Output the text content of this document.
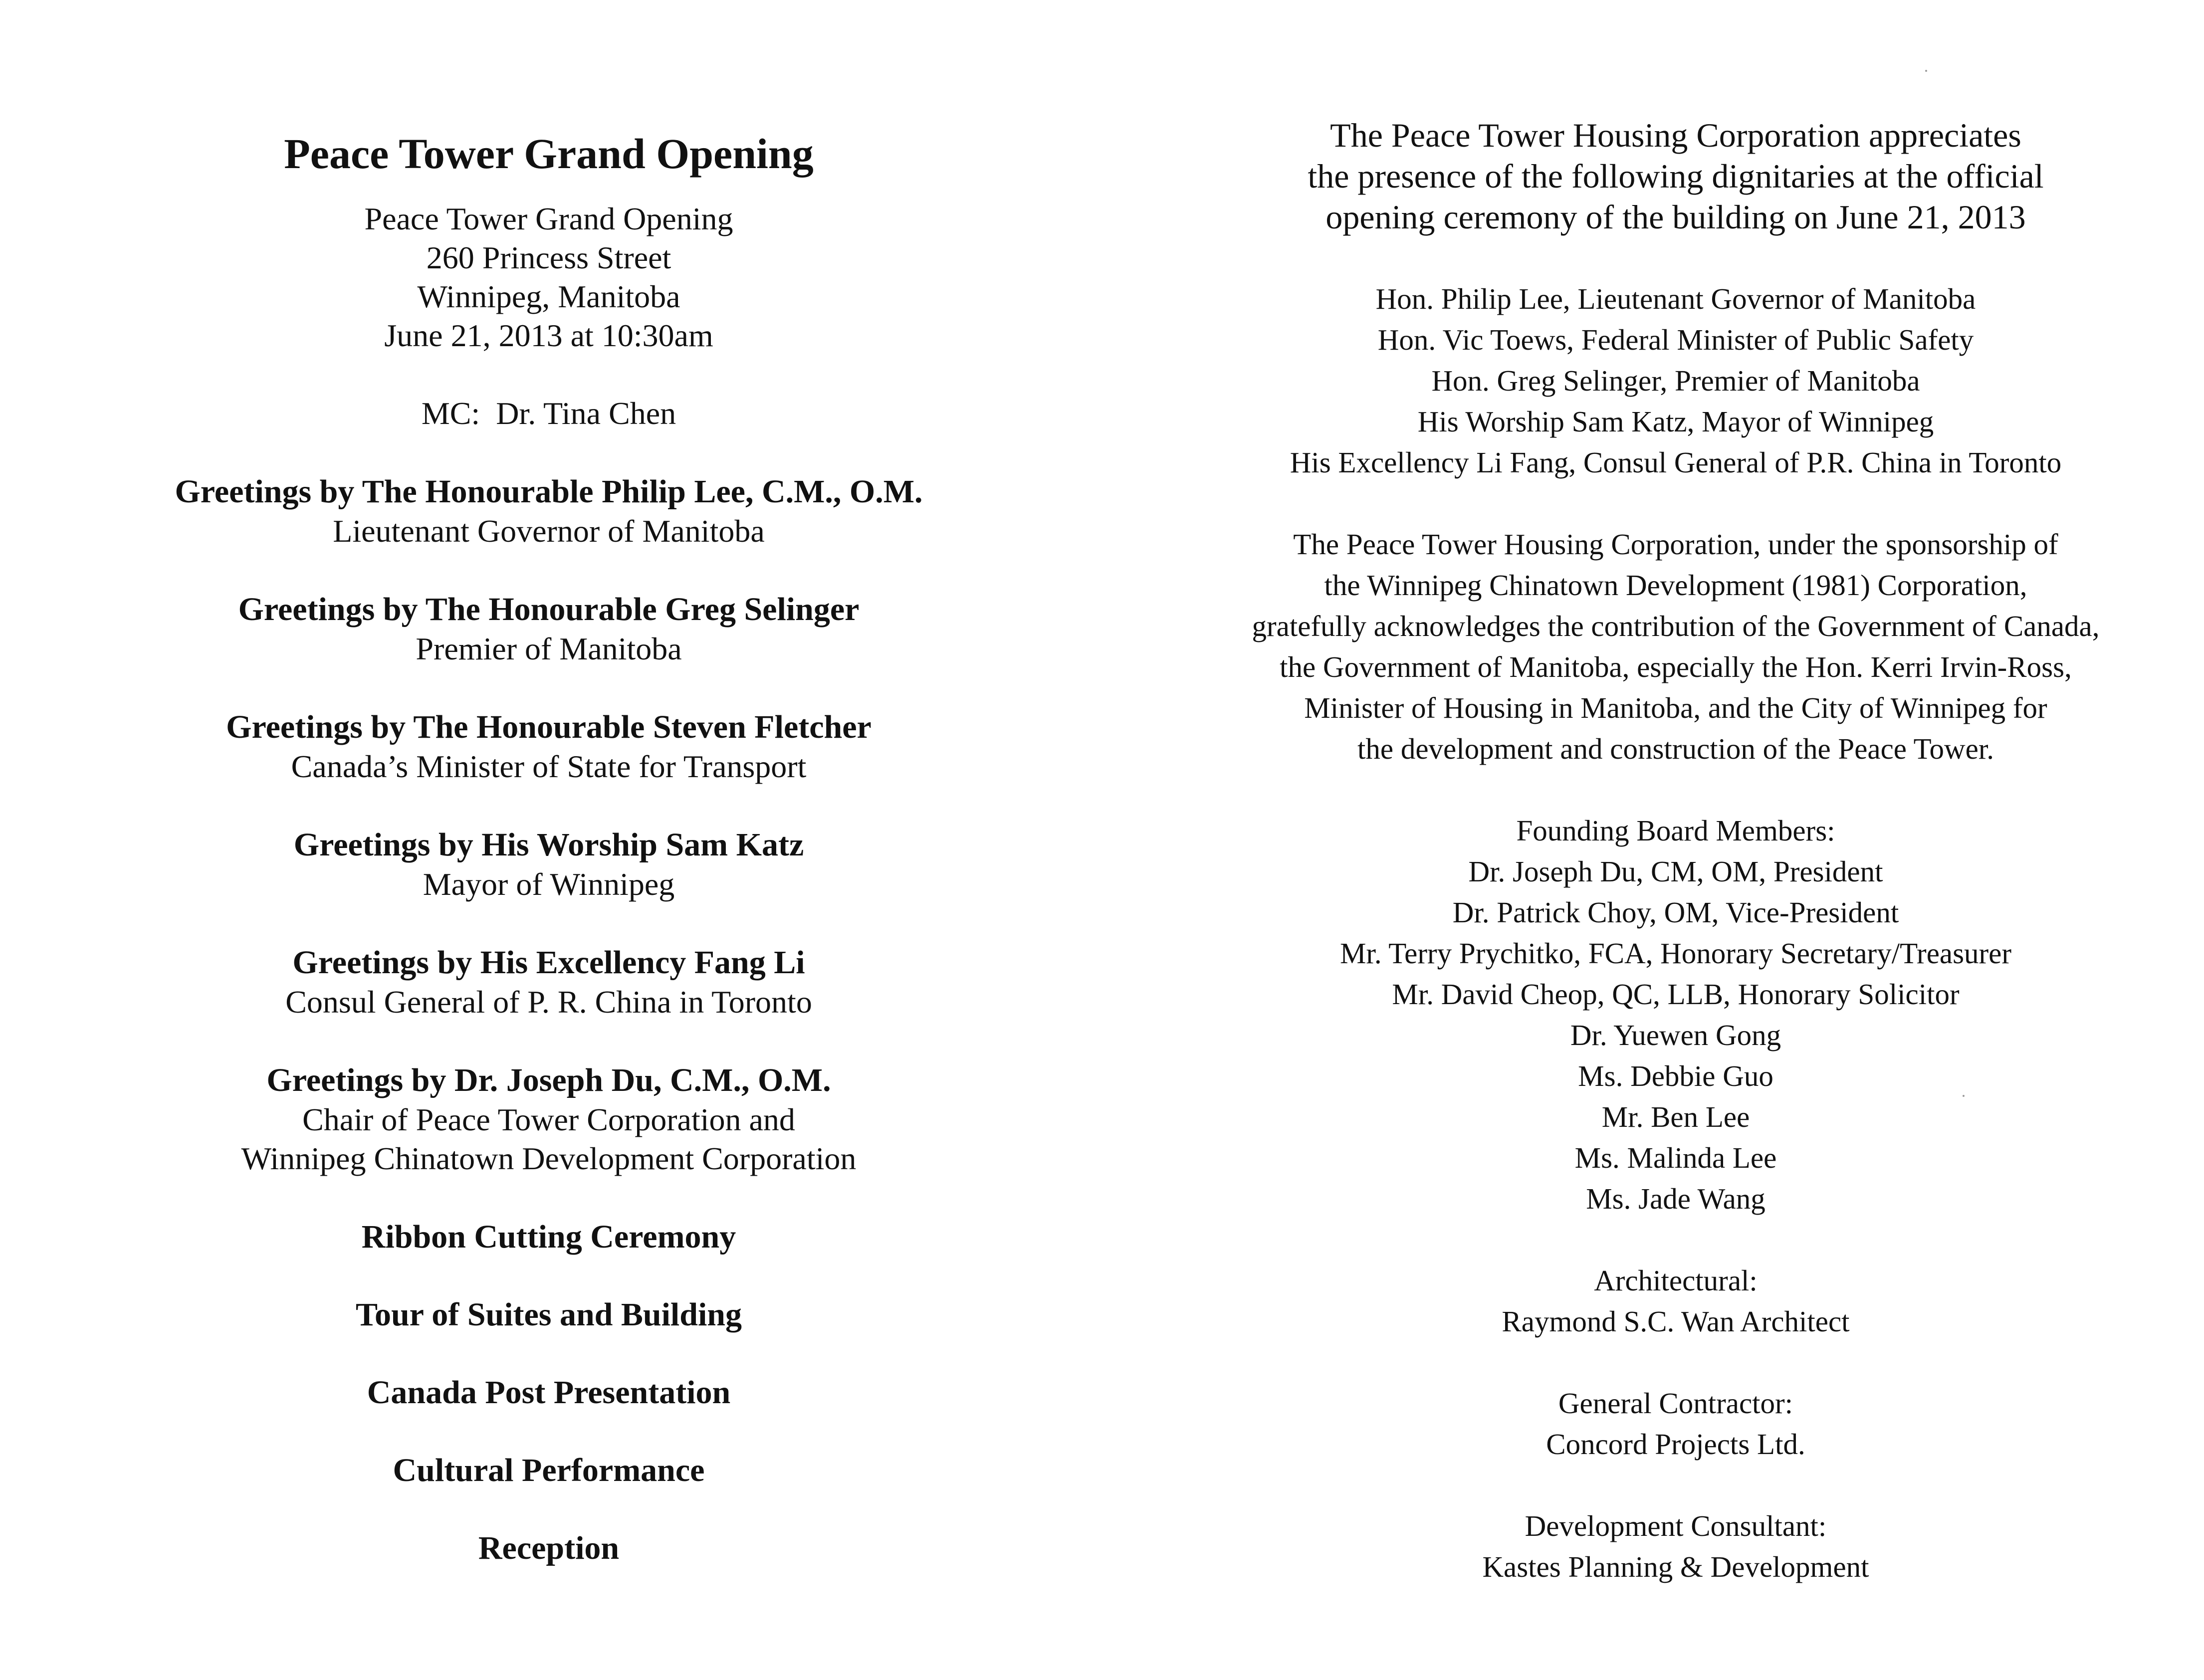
Peace Tower Grand Opening
Peace Tower Grand Opening
260 Princess Street
Winnipeg, Manitoba
June 21, 2013 at 10:30am
MC:  Dr. Tina Chen
Greetings by The Honourable Philip Lee, C.M., O.M.
Lieutenant Governor of Manitoba
Greetings by The Honourable Greg Selinger
Premier of Manitoba
Greetings by The Honourable Steven Fletcher
Canada’s Minister of State for Transport
Greetings by His Worship Sam Katz
Mayor of Winnipeg
Greetings by His Excellency Fang Li
Consul General of P. R. China in Toronto
Greetings by Dr. Joseph Du, C.M., O.M.
Chair of Peace Tower Corporation and
Winnipeg Chinatown Development Corporation
Ribbon Cutting Ceremony
Tour of Suites and Building
Canada Post Presentation
Cultural Performance
Reception
The Peace Tower Housing Corporation appreciates
the presence of the following dignitaries at the official
opening ceremony of the building on June 21, 2013
Hon. Philip Lee, Lieutenant Governor of Manitoba
Hon. Vic Toews, Federal Minister of Public Safety
Hon. Greg Selinger, Premier of Manitoba
His Worship Sam Katz, Mayor of Winnipeg
His Excellency Li Fang, Consul General of P.R. China in Toronto
The Peace Tower Housing Corporation, under the sponsorship of
the Winnipeg Chinatown Development (1981) Corporation,
gratefully acknowledges the contribution of the Government of Canada,
the Government of Manitoba, especially the Hon. Kerri Irvin-Ross,
Minister of Housing in Manitoba, and the City of Winnipeg for
the development and construction of the Peace Tower.
Founding Board Members:
Dr. Joseph Du, CM, OM, President
Dr. Patrick Choy, OM, Vice-President
Mr. Terry Prychitko, FCA, Honorary Secretary/Treasurer
Mr. David Cheop, QC, LLB, Honorary Solicitor
Dr. Yuewen Gong
Ms. Debbie Guo
Mr. Ben Lee
Ms. Malinda Lee
Ms. Jade Wang
Architectural:
Raymond S.C. Wan Architect
General Contractor:
Concord Projects Ltd.
Development Consultant:
Kastes Planning & Development
